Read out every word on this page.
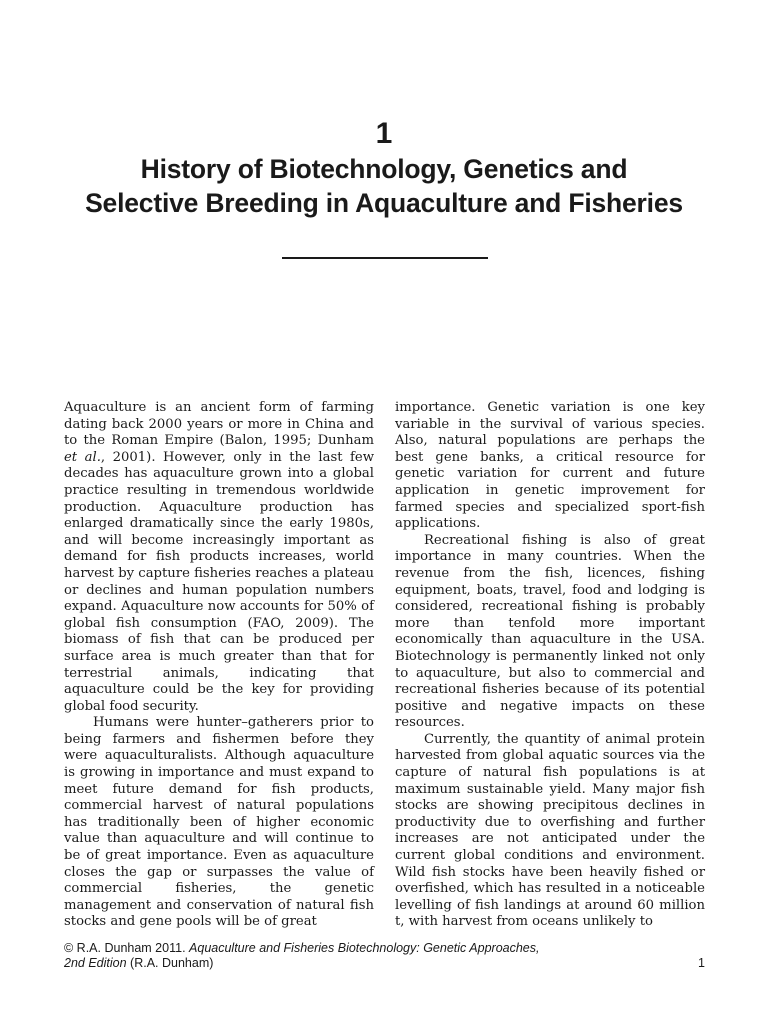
1
History of Biotechnology, Genetics and
Selective Breeding in Aquaculture and Fisheries

Aquaculture is an ancient form of farming dating back 2000 years or more in China and to the Roman Empire (Balon, 1995; Dunham et al., 2001). However, only in the last few decades has aquaculture grown into a global practice resulting in tremendous worldwide production. Aquaculture production has enlarged dramatically since the early 1980s, and will become increasingly important as demand for fish products increases, world harvest by capture fisheries reaches a plateau or declines and human population numbers expand. Aquaculture now accounts for 50% of global fish consumption (FAO, 2009). The biomass of fish that can be produced per surface area is much greater than that for terrestrial animals, indicating that aquaculture could be the key for providing global food security.

Humans were hunter–gatherers prior to being farmers and fishermen before they were aquaculturalists. Although aquaculture is growing in importance and must expand to meet future demand for fish products, commercial harvest of natural populations has traditionally been of higher economic value than aquaculture and will continue to be of great importance. Even as aquaculture closes the gap or surpasses the value of commercial fisheries, the genetic management and conservation of natural fish stocks and gene pools will be of great

importance. Genetic variation is one key variable in the survival of various species. Also, natural populations are perhaps the best gene banks, a critical resource for genetic variation for current and future application in genetic improvement for farmed species and specialized sport-fish applications.

Recreational fishing is also of great importance in many countries. When the revenue from the fish, licences, fishing equipment, boats, travel, food and lodging is considered, recreational fishing is probably more than tenfold more important economically than aquaculture in the USA. Biotechnology is permanently linked not only to aquaculture, but also to commercial and recreational fisheries because of its potential positive and negative impacts on these resources.

Currently, the quantity of animal protein harvested from global aquatic sources via the capture of natural fish populations is at maximum sustainable yield. Many major fish stocks are showing precipitous declines in productivity due to overfishing and further increases are not anticipated under the current global conditions and environment. Wild fish stocks have been heavily fished or overfished, which has resulted in a noticeable levelling of fish landings at around 60 million t, with harvest from oceans unlikely to

© R.A. Dunham 2011. Aquaculture and Fisheries Biotechnology: Genetic Approaches,
2nd Edition (R.A. Dunham)	1
